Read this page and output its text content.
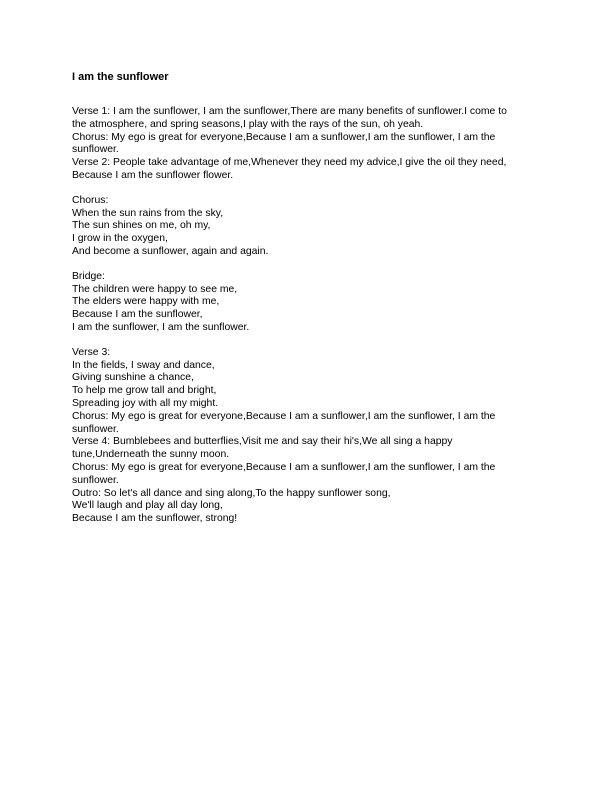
I am the sunflower
Verse 1: I am the sunflower, I am the sunflower,There are many benefits of sunflower.I come to
the atmosphere, and spring seasons,I play with the rays of the sun, oh yeah.
Chorus: My ego is great for everyone,Because I am a sunflower,I am the sunflower, I am the
sunflower.
Verse 2: People take advantage of me,Whenever they need my advice,I give the oil they need,
Because I am the sunflower flower.
Chorus:
When the sun rains from the sky,
The sun shines on me, oh my,
I grow in the oxygen,
And become a sunflower, again and again.
Bridge:
The children were happy to see me,
The elders were happy with me,
Because I am the sunflower,
I am the sunflower, I am the sunflower.
Verse 3:
In the fields, I sway and dance,
Giving sunshine a chance,
To help me grow tall and bright,
Spreading joy with all my might.
Chorus: My ego is great for everyone,Because I am a sunflower,I am the sunflower, I am the
sunflower.
Verse 4: Bumblebees and butterflies,Visit me and say their hi's,We all sing a happy
tune,Underneath the sunny moon.
Chorus: My ego is great for everyone,Because I am a sunflower,I am the sunflower, I am the
sunflower.
Outro: So let's all dance and sing along,To the happy sunflower song,
We'll laugh and play all day long,
Because I am the sunflower, strong!
